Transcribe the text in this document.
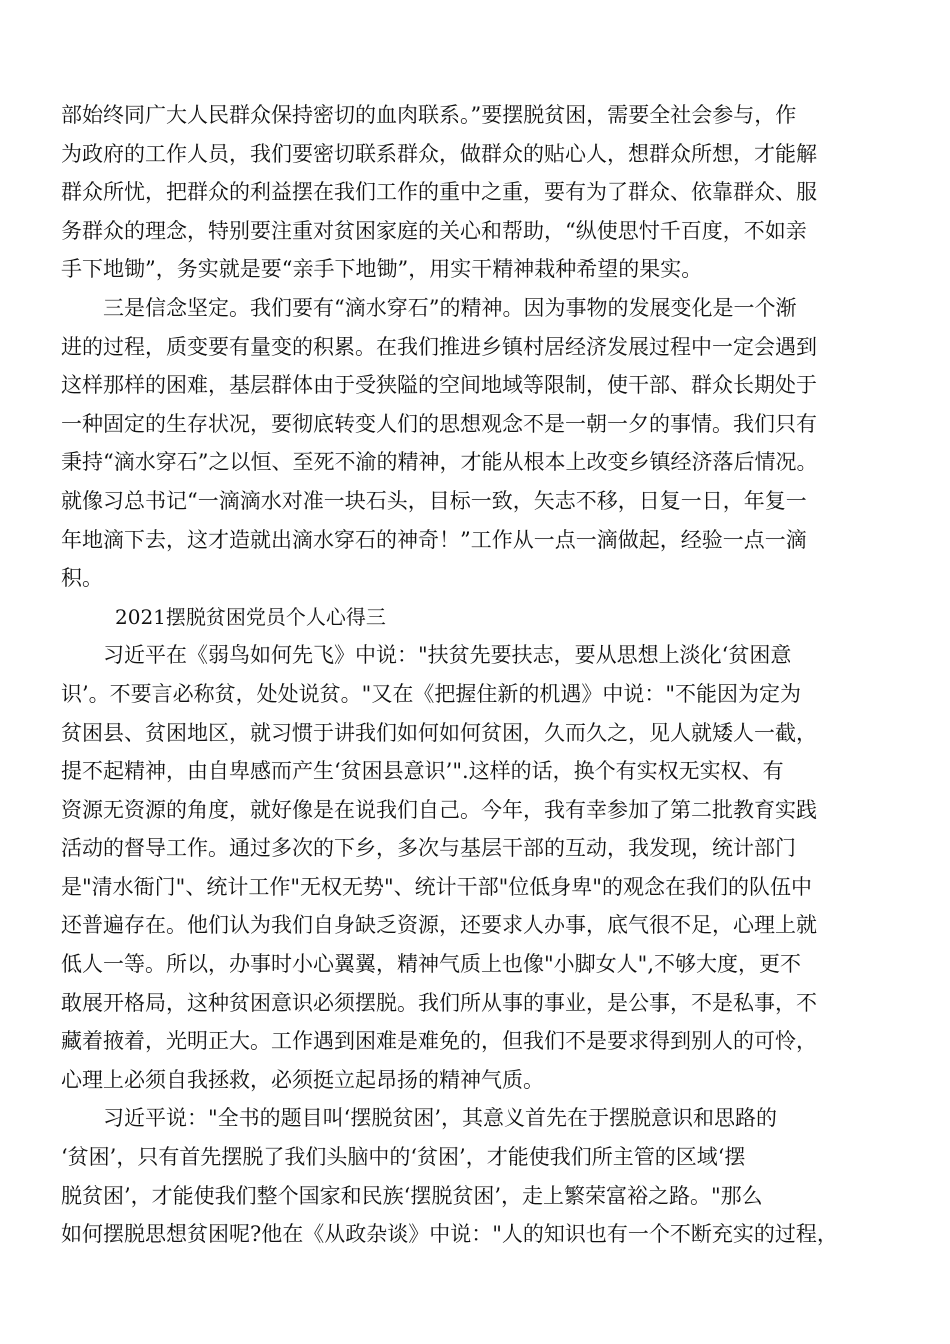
部始终同广大人民群众保持密切的血肉联系。”要摆脱贫困，需要全社会参与，作
为政府的工作人员，我们要密切联系群众，做群众的贴心人，想群众所想，才能解
群众所忧，把群众的利益摆在我们工作的重中之重，要有为了群众、依靠群众、服
务群众的理念，特别要注重对贫困家庭的关心和帮助，“纵使思忖千百度，不如亲
手下地锄”，务实就是要“亲手下地锄”，用实干精神栽种希望的果实。
三是信念坚定。我们要有“滴水穿石”的精神。因为事物的发展变化是一个渐
进的过程，质变要有量变的积累。在我们推进乡镇村居经济发展过程中一定会遇到
这样那样的困难，基层群体由于受狭隘的空间地域等限制，使干部、群众长期处于
一种固定的生存状况，要彻底转变人们的思想观念不是一朝一夕的事情。我们只有
秉持“滴水穿石”之以恒、至死不渝的精神，才能从根本上改变乡镇经济落后情况。
就像习总书记“一滴滴水对准一块石头，目标一致，矢志不移，日复一日，年复一
年地滴下去，这才造就出滴水穿石的神奇！”工作从一点一滴做起，经验一点一滴
积。
2021摆脱贫困党员个人心得三
习近平在《弱鸟如何先飞》中说："扶贫先要扶志，要从思想上淡化‘贫困意
识’。不要言必称贫，处处说贫。"又在《把握住新的机遇》中说："不能因为定为
贫困县、贫困地区，就习惯于讲我们如何如何贫困，久而久之，见人就矮人一截，
提不起精神，由自卑感而产生‘贫困县意识’".这样的话，换个有实权无实权、有
资源无资源的角度，就好像是在说我们自己。今年，我有幸参加了第二批教育实践
活动的督导工作。通过多次的下乡，多次与基层干部的互动，我发现，统计部门
是"清水衙门"、统计工作"无权无势"、统计干部"位低身卑"的观念在我们的队伍中
还普遍存在。他们认为我们自身缺乏资源，还要求人办事，底气很不足，心理上就
低人一等。所以，办事时小心翼翼，精神气质上也像"小脚女人",不够大度，更不
敢展开格局，这种贫困意识必须摆脱。我们所从事的事业，是公事，不是私事，不
藏着掖着，光明正大。工作遇到困难是难免的，但我们不是要求得到别人的可怜，
心理上必须自我拯救，必须挺立起昂扬的精神气质。
习近平说："全书的题目叫‘摆脱贫困’，其意义首先在于摆脱意识和思路的
‘贫困’，只有首先摆脱了我们头脑中的‘贫困’，才能使我们所主管的区域‘摆
脱贫困’，才能使我们整个国家和民族‘摆脱贫困’，走上繁荣富裕之路。"那么
如何摆脱思想贫困呢?他在《从政杂谈》中说："人的知识也有一个不断充实的过程，
